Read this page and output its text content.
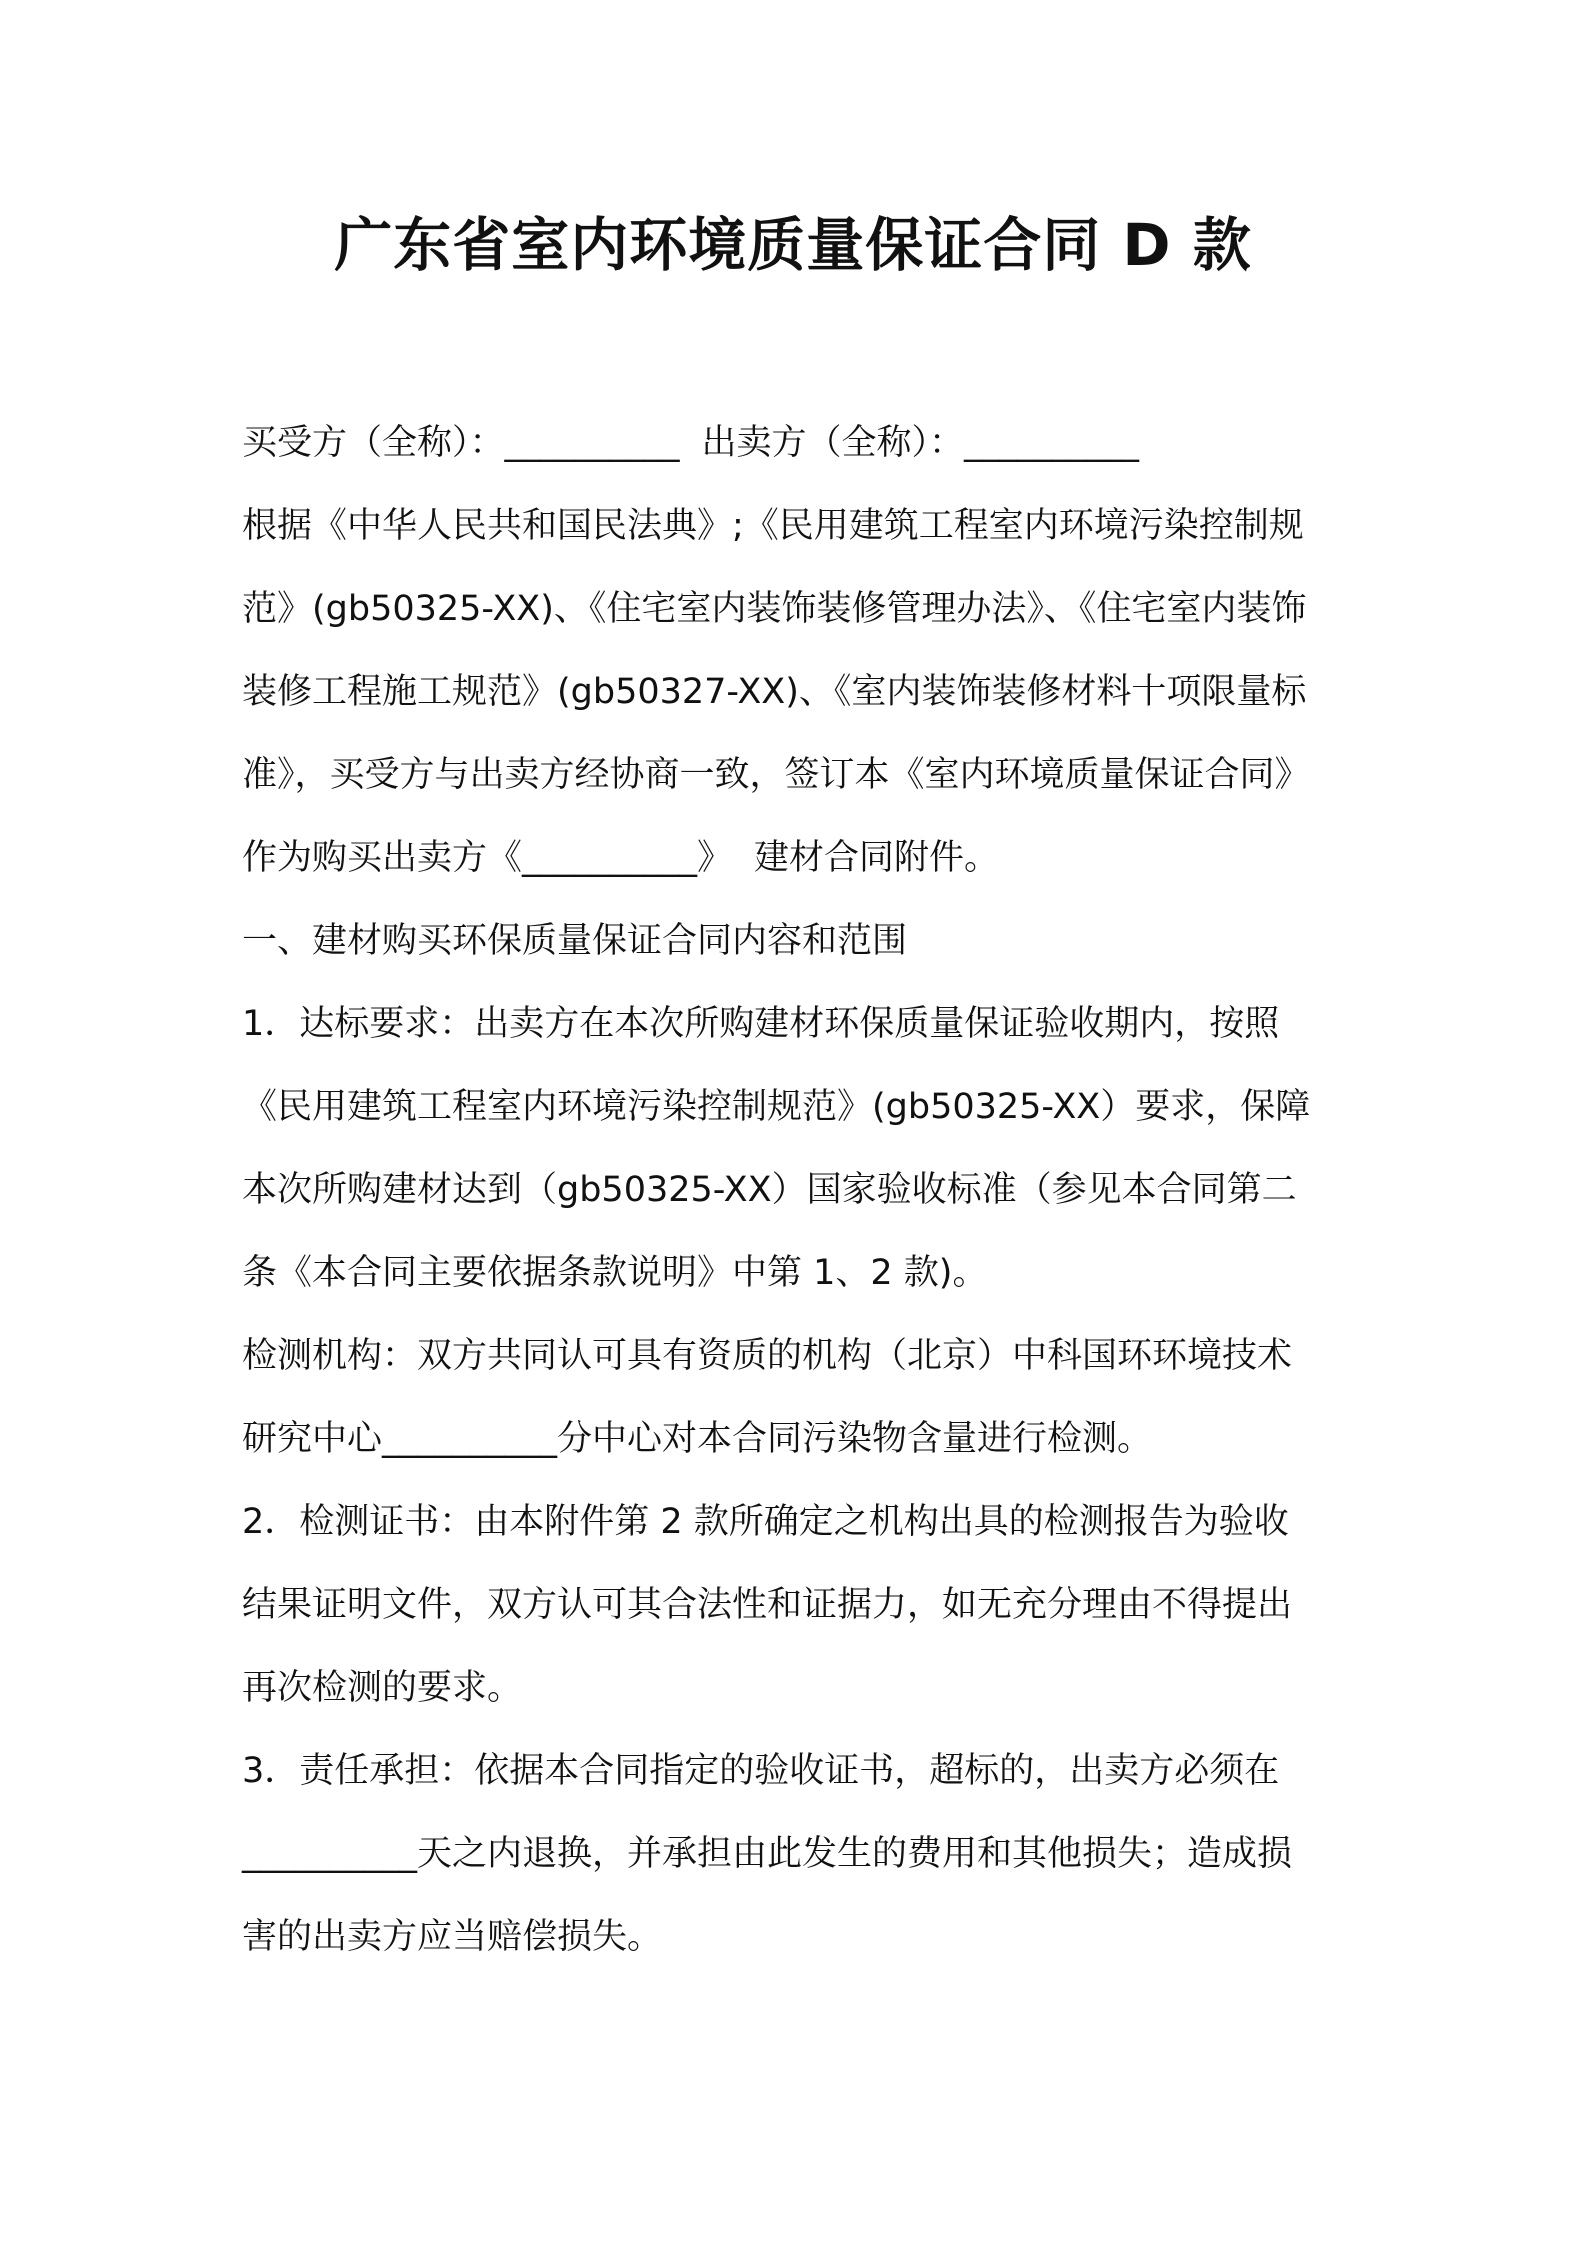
广东省室内环境质量保证合同 D 款
买受方（全称）：__________ 出卖方（全称）：__________
根据《中华人民共和国民法典》;《民用建筑工程室内环境污染控制规
范》(gb50325-XX)、《住宅室内装饰装修管理办法》、《住宅室内装饰
装修工程施工规范》(gb50327-XX)、《室内装饰装修材料十项限量标
准》，买受方与出卖方经协商一致，签订本《室内环境质量保证合同》
作为购买出卖方《__________》 建材合同附件。
一、建材购买环保质量保证合同内容和范围
1．达标要求：出卖方在本次所购建材环保质量保证验收期内，按照
《民用建筑工程室内环境污染控制规范》(gb50325-XX）要求，保障
本次所购建材达到（gb50325-XX）国家验收标准（参见本合同第二
条《本合同主要依据条款说明》中第 1、2 款)。
检测机构：双方共同认可具有资质的机构（北京）中科国环环境技术
研究中心__________分中心对本合同污染物含量进行检测。
2．检测证书：由本附件第 2 款所确定之机构出具的检测报告为验收
结果证明文件，双方认可其合法性和证据力，如无充分理由不得提出
再次检测的要求。
3．责任承担：依据本合同指定的验收证书，超标的，出卖方必须在
__________天之内退换，并承担由此发生的费用和其他损失；造成损
害的出卖方应当赔偿损失。
